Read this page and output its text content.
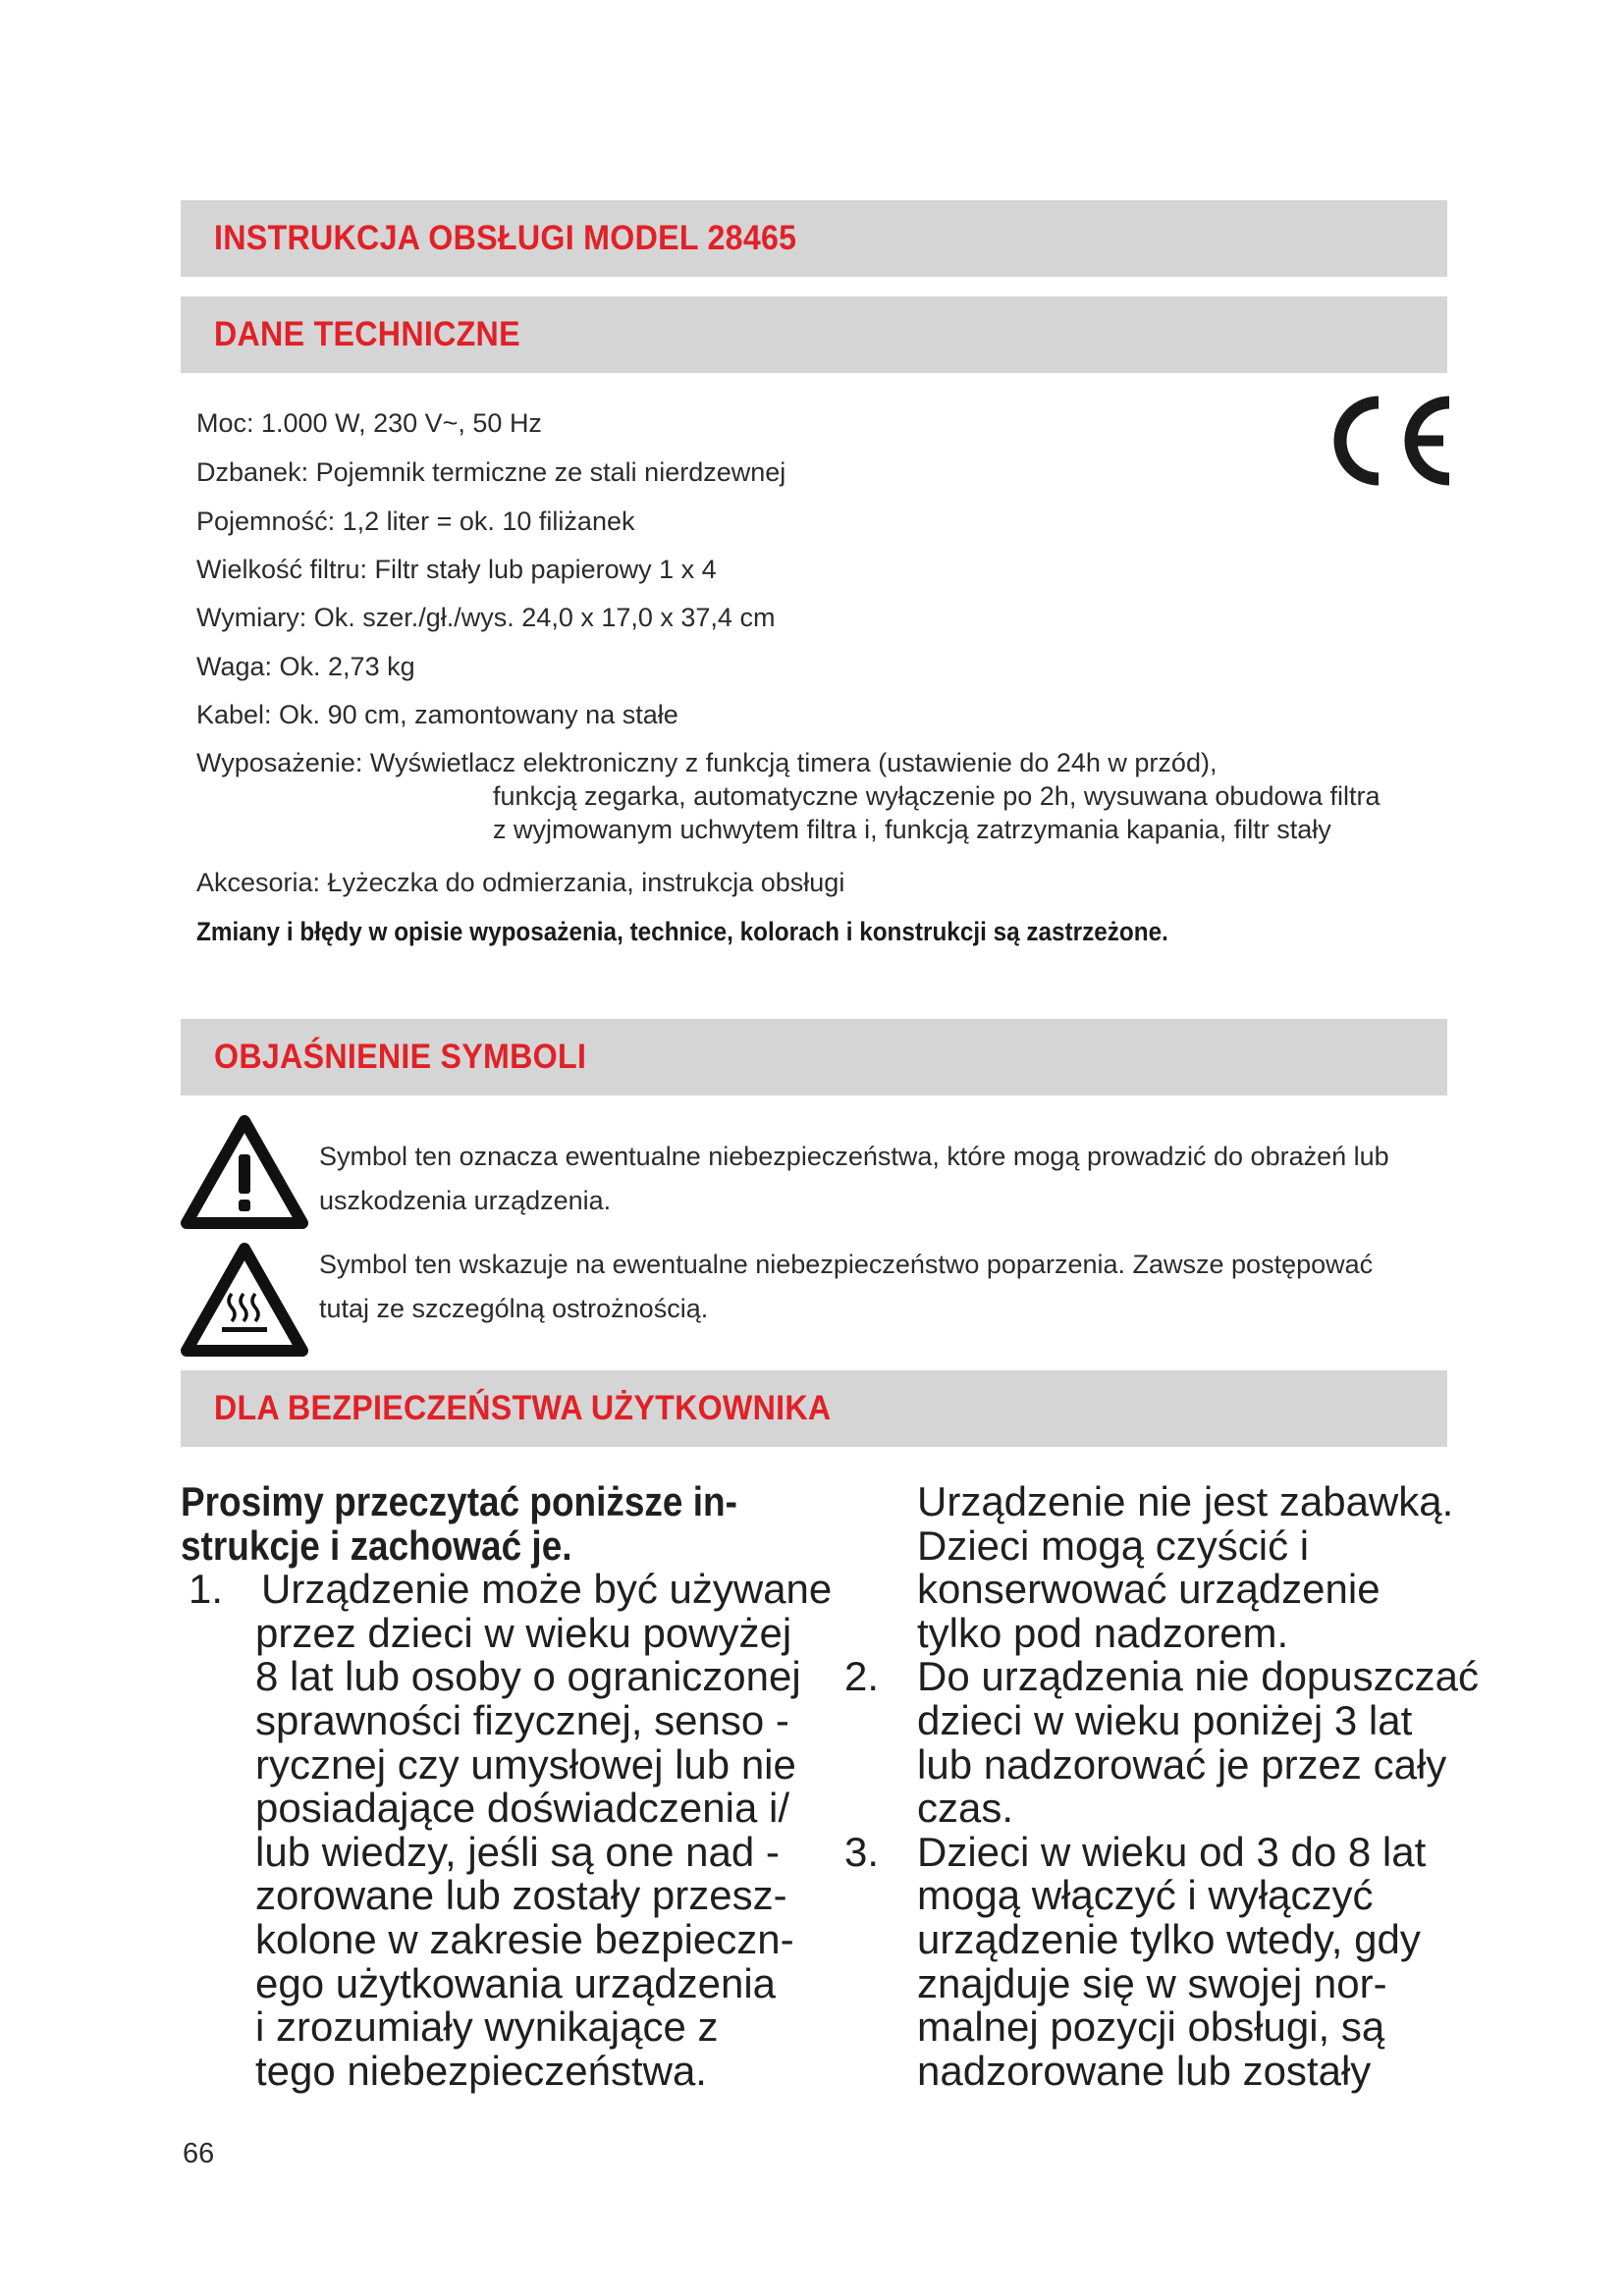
INSTRUKCJA OBSŁUGI MODEL 28465
DANE TECHNICZNE
Moc: 1.000 W, 230 V~, 50 Hz
Dzbanek: Pojemnik termiczne ze stali nierdzewnej
Pojemność: 1,2 liter = ok. 10 filiżanek
Wielkość filtru: Filtr stały lub papierowy 1 x 4
Wymiary: Ok. szer./gł./wys. 24,0 x 17,0 x 37,4 cm
Waga: Ok. 2,73 kg
Kabel: Ok. 90 cm, zamontowany na stałe
Wyposażenie: Wyświetlacz elektroniczny z funkcją timera (ustawienie do 24h w przód),
funkcją zegarka, automatyczne wyłączenie po 2h, wysuwana obudowa filtra
z wyjmowanym uchwytem filtra i, funkcją zatrzymania kapania, filtr stały
Akcesoria: Łyżeczka do odmierzania, instrukcja obsługi
Zmiany i błędy w opisie wyposażenia, technice, kolorach i konstrukcji są zastrzeżone.
OBJAŚNIENIE SYMBOLI
Symbol ten oznacza ewentualne niebezpieczeństwa, które mogą prowadzić do obrażeń lub
uszkodzenia urządzenia.
Symbol ten wskazuje na ewentualne niebezpieczeństwo poparzenia. Zawsze postępować
tutaj ze szczególną ostrożnością.
DLA BEZPIECZEŃSTWA UŻYTKOWNIKA
Prosimy przeczytać poniższe in-
strukcje i zachować je.
1. Urządzenie może być używane
przez dzieci w wieku powyżej
8 lat lub osoby o ograniczonej
sprawności fizycznej, senso -
rycznej czy umysłowej lub nie
posiadające doświadczenia i/
lub wiedzy, jeśli są one nad -
zorowane lub zostały przesz-
kolone w zakresie bezpieczn-
ego użytkowania urządzenia
i zrozumiały wynikające z
tego niebezpieczeństwa.
Urządzenie nie jest zabawką.
Dzieci mogą czyścić i
konserwować urządzenie
tylko pod nadzorem.
2. Do urządzenia nie dopuszczać
dzieci w wieku poniżej 3 lat
lub nadzorować je przez cały
czas.
3. Dzieci w wieku od 3 do 8 lat
mogą włączyć i wyłączyć
urządzenie tylko wtedy, gdy
znajduje się w swojej nor-
malnej pozycji obsługi, są
nadzorowane lub zostały
66
